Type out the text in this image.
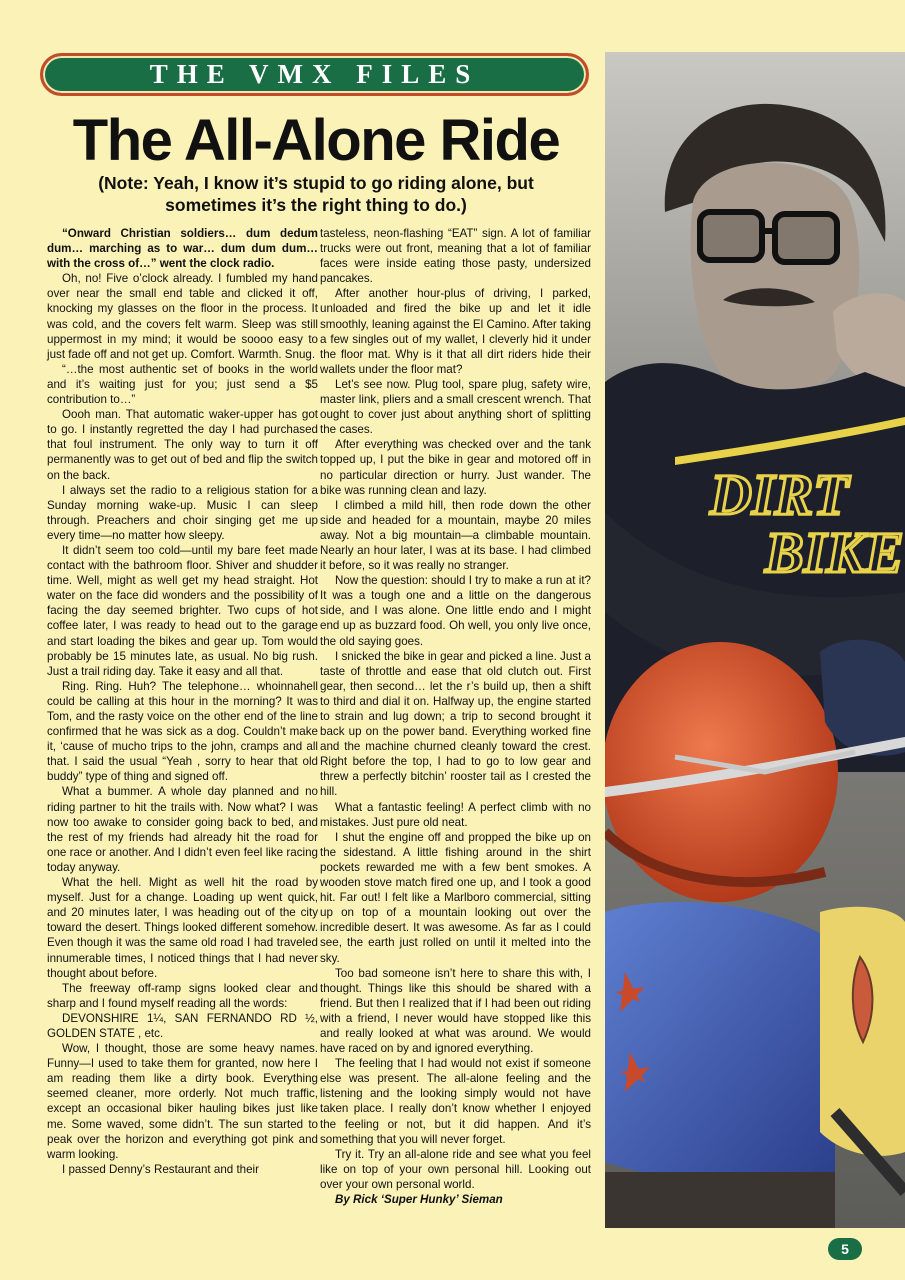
THE VMX FILES
The All-Alone Ride
(Note: Yeah, I know it’s stupid to go riding alone, but
sometimes it’s the right thing to do.)

“Onward Christian soldiers… dum dedum dum… marching as to war… dum dum dum… with the cross of…” went the clock radio.

Oh, no! Five o’clock already. I fumbled my hand over near the small end table and clicked it off, knocking my glasses on the floor in the process. It was cold, and the covers felt warm. Sleep was still uppermost in my mind; it would be soooo easy to just fade off and not get up. Comfort. Warmth. Snug.

“…the most authentic set of books in the world and it’s waiting just for you; just send a $5 contribution to…”

Oooh man. That automatic waker-upper has got to go. I instantly regretted the day I had purchased that foul instrument. The only way to turn it off permanently was to get out of bed and flip the switch on the back.

I always set the radio to a religious station for a Sunday morning wake-up. Music I can sleep through. Preachers and choir singing get me up every time—no matter how sleepy.

It didn’t seem too cold—until my bare feet made contact with the bathroom floor. Shiver and shudder time. Well, might as well get my head straight. Hot water on the face did wonders and the possibility of facing the day seemed brighter. Two cups of hot coffee later, I was ready to head out to the garage and start loading the bikes and gear up. Tom would probably be 15 minutes late, as usual. No big rush. Just a trail riding day. Take it easy and all that.

Ring. Ring. Huh? The telephone… whoinnahell could be calling at this hour in the morning? It was Tom, and the rasty voice on the other end of the line confirmed that he was sick as a dog. Couldn’t make it, ‘cause of mucho trips to the john, cramps and all that. I said the usual “Yeah , sorry to hear that old buddy” type of thing and signed off.

What a bummer. A whole day planned and no riding partner to hit the trails with. Now what? I was now too awake to consider going back to bed, and the rest of my friends had already hit the road for one race or another. And I didn’t even feel like racing today anyway.

What the hell. Might as well hit the road by myself. Just for a change. Loading up went quick, and 20 minutes later, I was heading out of the city toward the desert. Things looked different somehow. Even though it was the same old road I had traveled innumerable times, I noticed things that I had never thought about before.

The freeway off-ramp signs looked clear and sharp and I found myself reading all the words:

DEVONSHIRE 1¼, SAN FERNANDO RD ½, GOLDEN STATE , etc.

Wow, I thought, those are some heavy names. Funny—I used to take them for granted, now here I am reading them like a dirty book. Everything seemed cleaner, more orderly. Not much traffic, except an occasional biker hauling bikes just like me. Some waved, some didn’t. The sun started to peak over the horizon and everything got pink and warm looking.

I passed Denny’s Restaurant and their

tasteless, neon-flashing “EAT” sign. A lot of familiar trucks were out front, meaning that a lot of familiar faces were inside eating those pasty, undersized pancakes.

After another hour-plus of driving, I parked, unloaded and fired the bike up and let it idle smoothly, leaning against the El Camino. After taking a few singles out of my wallet, I cleverly hid it under the floor mat. Why is it that all dirt riders hide their wallets under the floor mat?

Let’s see now. Plug tool, spare plug, safety wire, master link, pliers and a small crescent wrench. That ought to cover just about anything short of splitting the cases.

After everything was checked over and the tank topped up, I put the bike in gear and motored off in no particular direction or hurry. Just wander. The bike was running clean and lazy.

I climbed a mild hill, then rode down the other side and headed for a mountain, maybe 20 miles away. Not a big mountain—a climbable mountain. Nearly an hour later, I was at its base. I had climbed it before, so it was really no stranger.

Now the question: should I try to make a run at it? It was a tough one and a little on the dangerous side, and I was alone. One little endo and I might end up as buzzard food. Oh well, you only live once, the old saying goes.

I snicked the bike in gear and picked a line. Just a taste of throttle and ease that old clutch out. First gear, then second… let the r’s build up, then a shift to third and dial it on. Halfway up, the engine started to strain and lug down; a trip to second brought it back up on the power band. Everything worked fine and the machine churned cleanly toward the crest. Right before the top, I had to go to low gear and threw a perfectly bitchin’ rooster tail as I crested the hill.

What a fantastic feeling! A perfect climb with no mistakes. Just pure old neat.

I shut the engine off and propped the bike up on the sidestand. A little fishing around in the shirt pockets rewarded me with a few bent smokes. A wooden stove match fired one up, and I took a good hit. Far out! I felt like a Marlboro commercial, sitting up on top of a mountain looking out over the incredible desert. It was awesome. As far as I could see, the earth just rolled on until it melted into the sky.

Too bad someone isn’t here to share this with, I thought. Things like this should be shared with a friend. But then I realized that if I had been out riding with a friend, I never would have stopped like this and really looked at what was around. We would have raced on by and ignored everything.

The feeling that I had would not exist if someone else was present. The all-alone feeling and the listening and the looking simply would not have taken place. I really don’t know whether I enjoyed the feeling or not, but it did happen. And it’s something that you will never forget.

Try it. Try an all-alone ride and see what you feel like on top of your own personal hill. Looking out over your own personal world.

By Rick ‘Super Hunky’ Sieman

DIRT
BIKE
5
